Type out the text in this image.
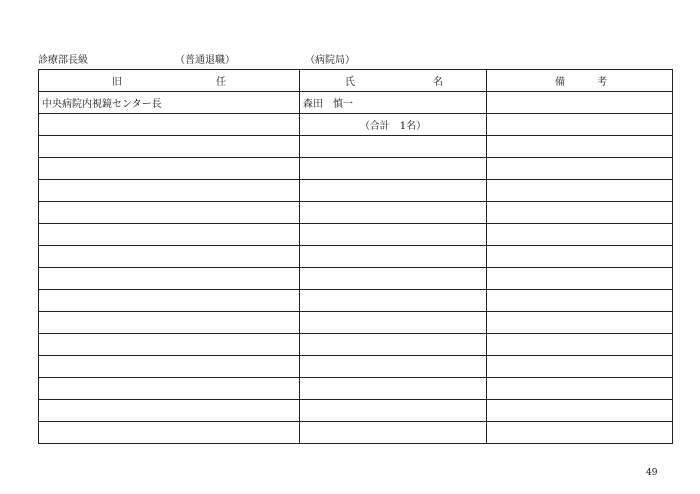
診療部長級	（普通退職）	（病院局）
旧 任	氏 名	備 考

中央病院内視鏡センター長	森田　慎一	
	（合計　1名）	

49
